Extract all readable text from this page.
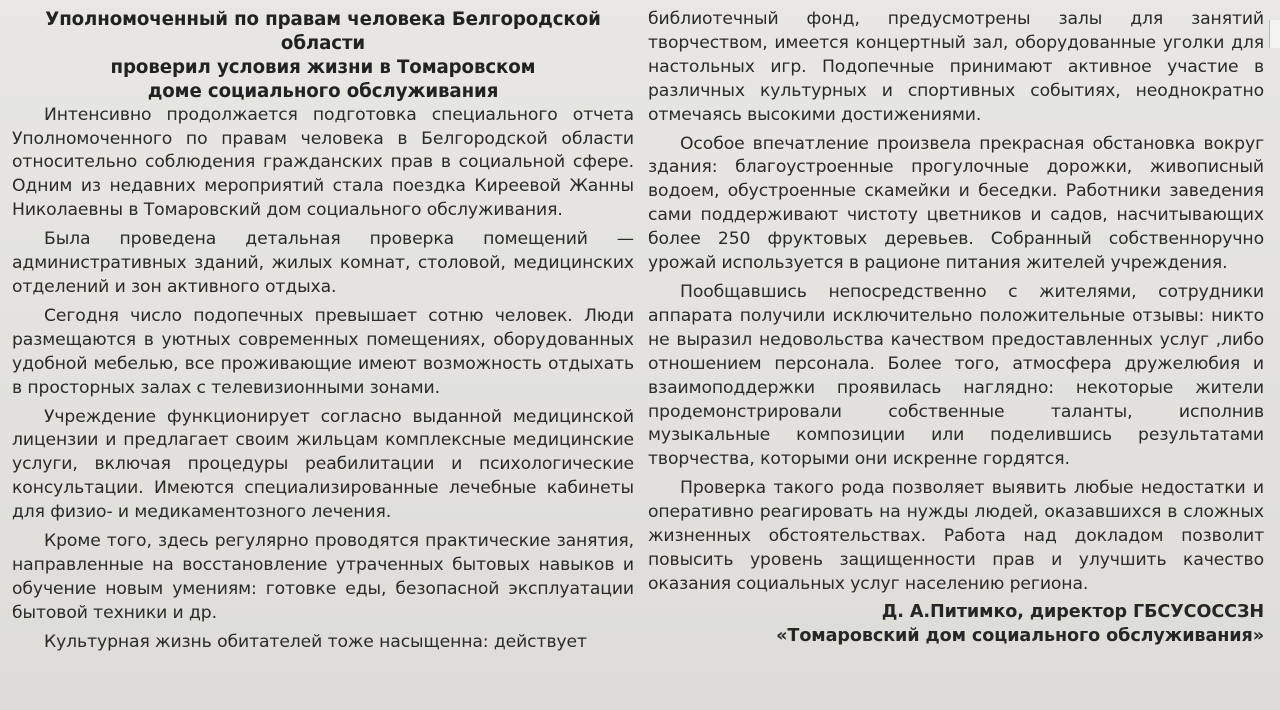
Уполномоченный по правам человека Белгородской области
проверил условия жизни в Томаровском
доме социального обслуживания

Интенсивно продолжается подготовка специального отчета Уполномоченного по правам человека в Белгородской области относительно соблюдения гражданских прав в социальной сфере. Одним из недавних мероприятий стала поездка Киреевой Жанны Николаевны в Томаровский дом социального обслуживания.

Была проведена детальная проверка помещений — административных зданий, жилых комнат, столовой, медицинских отделений и зон активного отдыха.

Сегодня число подопечных превышает сотню человек. Люди размещаются в уютных современных помещениях, оборудованных удобной мебелью, все проживающие имеют возможность отдыхать в просторных залах с телевизионными зонами.

Учреждение функционирует согласно выданной медицинской лицензии и предлагает своим жильцам комплексные медицинские услуги, включая процедуры реабилитации и психологические консультации. Имеются специализированные лечебные кабинеты для физио- и медикаментозного лечения.

Кроме того, здесь регулярно проводятся практические занятия, направленные на восстановление утраченных бытовых навыков и обучение новым умениям: готовке еды, безопасной эксплуатации бытовой техники и др.

Культурная жизнь обитателей тоже насыщенна: действует

библиотечный фонд, предусмотрены залы для занятий творчеством, имеется концертный зал, оборудованные уголки для настольных игр. Подопечные принимают активное участие в различных культурных и спортивных событиях, неоднократно отмечаясь высокими достижениями.

Особое впечатление произвела прекрасная обстановка вокруг здания: благоустроенные прогулочные дорожки, живописный водоем, обустроенные скамейки и беседки. Работники заведения сами поддерживают чистоту цветников и садов, насчитывающих более 250 фруктовых деревьев. Собранный собственноручно урожай используется в рационе питания жителей учреждения.

Пообщавшись непосредственно с жителями, сотрудники аппарата получили исключительно положительные отзывы: никто не выразил недовольства качеством предоставленных услуг ,либо отношением персонала. Более того, атмосфера дружелюбия и взаимоподдержки проявилась наглядно: некоторые жители продемонстрировали собственные таланты, исполнив музыкальные композиции или поделившись результатами творчества, которыми они искренне гордятся.

Проверка такого рода позволяет выявить любые недостатки и оперативно реагировать на нужды людей, оказавшихся в сложных жизненных обстоятельствах. Работа над докладом позволит повысить уровень защищенности прав и улучшить качество оказания социальных услуг населению региона.

Д. А.Питимко, директор ГБСУСОССЗН

«Томаровский дом социального обслуживания»
